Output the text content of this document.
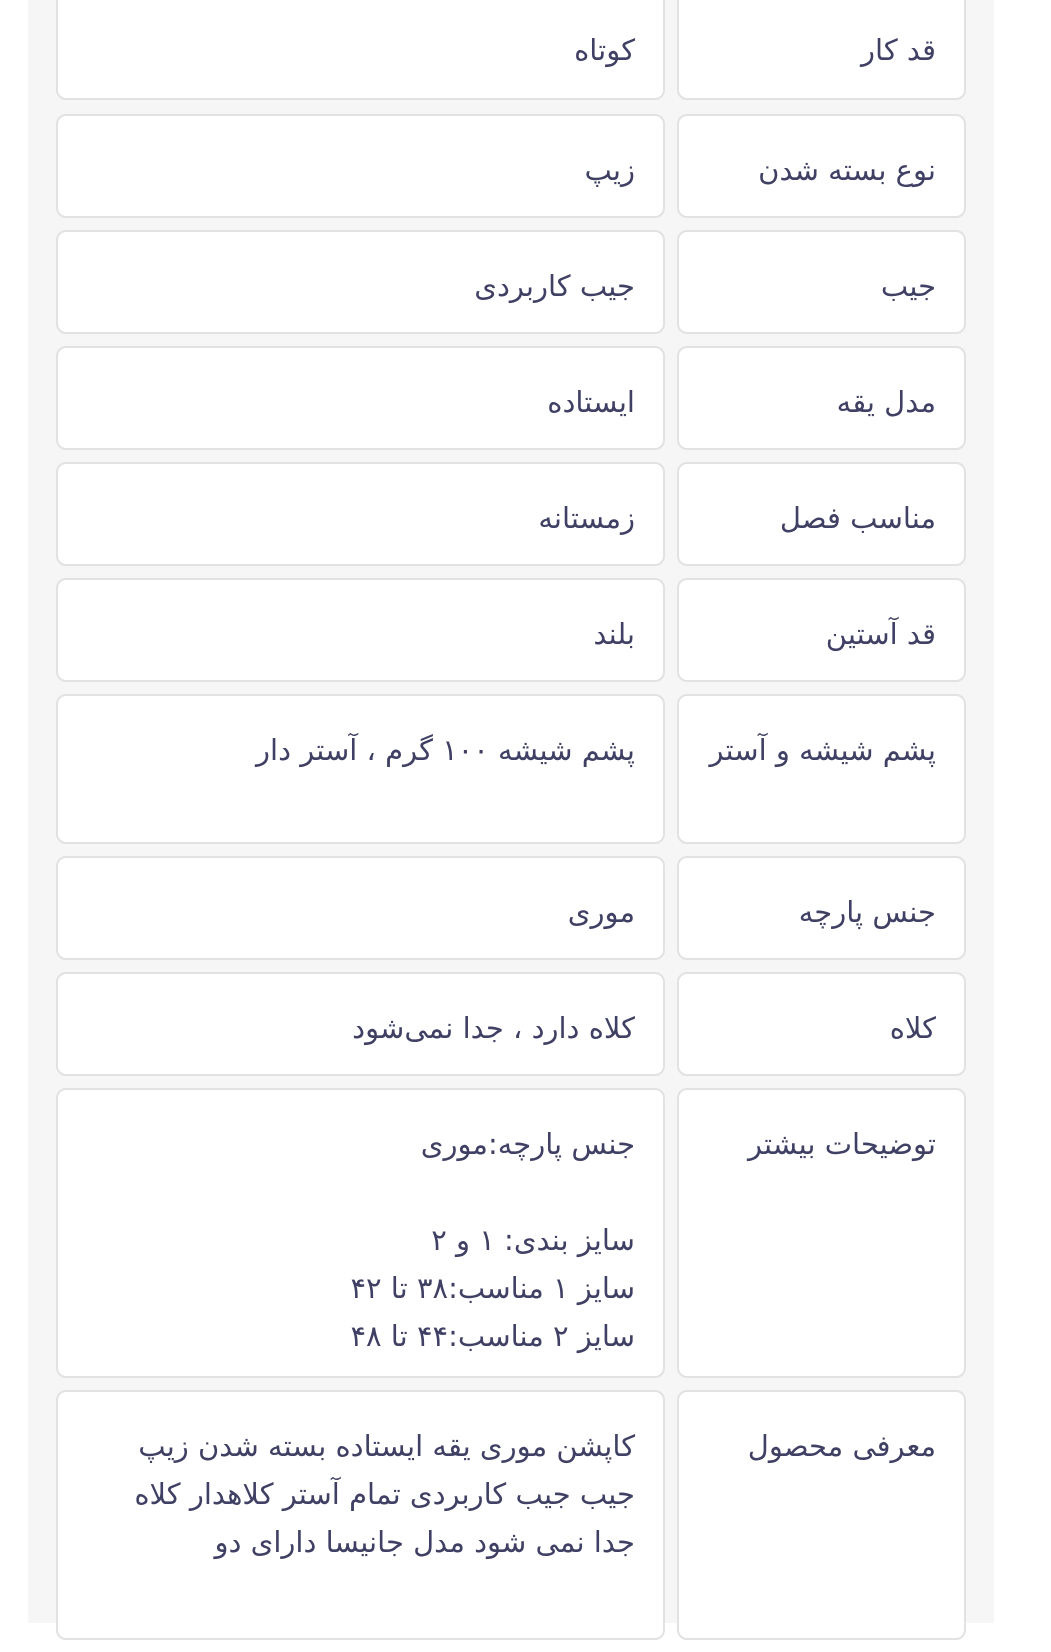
قد کار
کوتاه
نوع بسته شدن
زیپ
جیب
جیب کاربردی
مدل یقه
ایستاده
مناسب فصل
زمستانه
قد آستین
بلند
پشم شیشه و آستر
پشم شیشه ۱۰۰ گرم ، آستر دار
جنس پارچه
موری
کلاه
کلاه دارد ، جدا نمی‌شود
توضیحات بیشتر
جنس پارچه:موری

سایز بندی: ۱ و ۲
سایز ۱ مناسب:۳۸ تا ۴۲
سایز ۲ مناسب:۴۴ تا ۴۸
معرفی محصول
کاپشن موری یقه ایستاده بسته شدن زیپ جیب جیب کاربردی تمام آستر کلاهدار کلاه جدا نمی شود مدل جانیسا دارای دو
